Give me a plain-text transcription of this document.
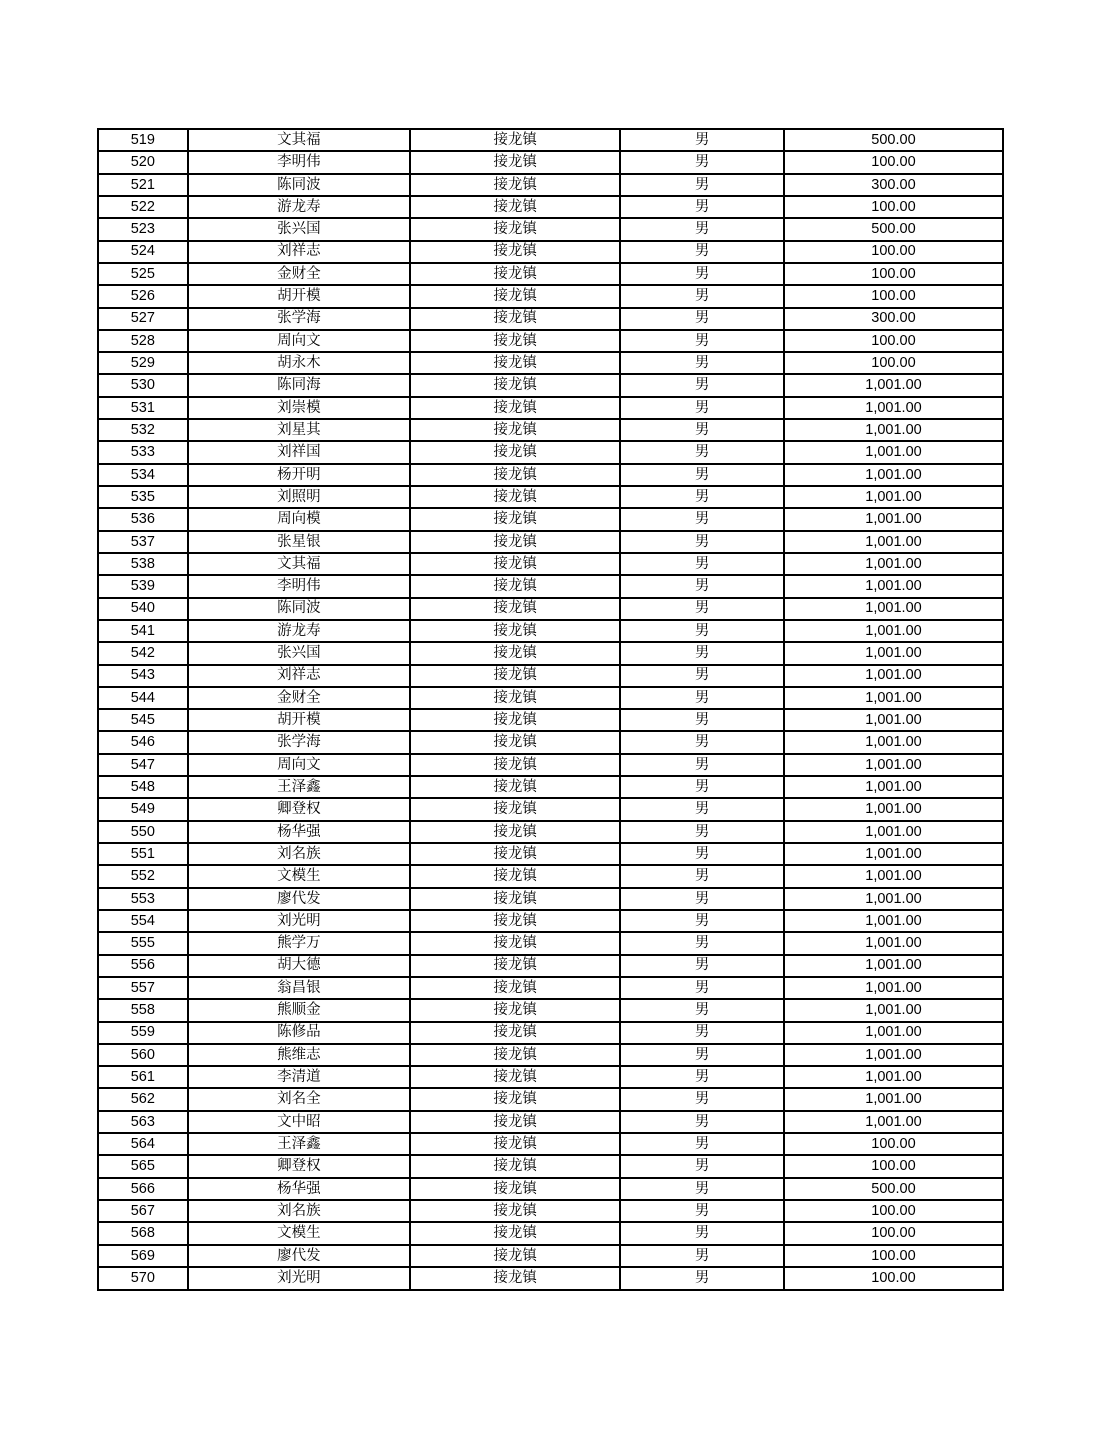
519	文其福	接龙镇	男	500.00
520	李明伟	接龙镇	男	100.00
521	陈同波	接龙镇	男	300.00
522	游龙寿	接龙镇	男	100.00
523	张兴国	接龙镇	男	500.00
524	刘祥志	接龙镇	男	100.00
525	金财全	接龙镇	男	100.00
526	胡开模	接龙镇	男	100.00
527	张学海	接龙镇	男	300.00
528	周向文	接龙镇	男	100.00
529	胡永木	接龙镇	男	100.00
530	陈同海	接龙镇	男	1,001.00
531	刘崇模	接龙镇	男	1,001.00
532	刘星其	接龙镇	男	1,001.00
533	刘祥国	接龙镇	男	1,001.00
534	杨开明	接龙镇	男	1,001.00
535	刘照明	接龙镇	男	1,001.00
536	周向模	接龙镇	男	1,001.00
537	张星银	接龙镇	男	1,001.00
538	文其福	接龙镇	男	1,001.00
539	李明伟	接龙镇	男	1,001.00
540	陈同波	接龙镇	男	1,001.00
541	游龙寿	接龙镇	男	1,001.00
542	张兴国	接龙镇	男	1,001.00
543	刘祥志	接龙镇	男	1,001.00
544	金财全	接龙镇	男	1,001.00
545	胡开模	接龙镇	男	1,001.00
546	张学海	接龙镇	男	1,001.00
547	周向文	接龙镇	男	1,001.00
548	王泽鑫	接龙镇	男	1,001.00
549	卿登权	接龙镇	男	1,001.00
550	杨华强	接龙镇	男	1,001.00
551	刘名族	接龙镇	男	1,001.00
552	文模生	接龙镇	男	1,001.00
553	廖代发	接龙镇	男	1,001.00
554	刘光明	接龙镇	男	1,001.00
555	熊学万	接龙镇	男	1,001.00
556	胡大德	接龙镇	男	1,001.00
557	翁昌银	接龙镇	男	1,001.00
558	熊顺金	接龙镇	男	1,001.00
559	陈修品	接龙镇	男	1,001.00
560	熊维志	接龙镇	男	1,001.00
561	李清道	接龙镇	男	1,001.00
562	刘名全	接龙镇	男	1,001.00
563	文中昭	接龙镇	男	1,001.00
564	王泽鑫	接龙镇	男	100.00
565	卿登权	接龙镇	男	100.00
566	杨华强	接龙镇	男	500.00
567	刘名族	接龙镇	男	100.00
568	文模生	接龙镇	男	100.00
569	廖代发	接龙镇	男	100.00
570	刘光明	接龙镇	男	100.00
